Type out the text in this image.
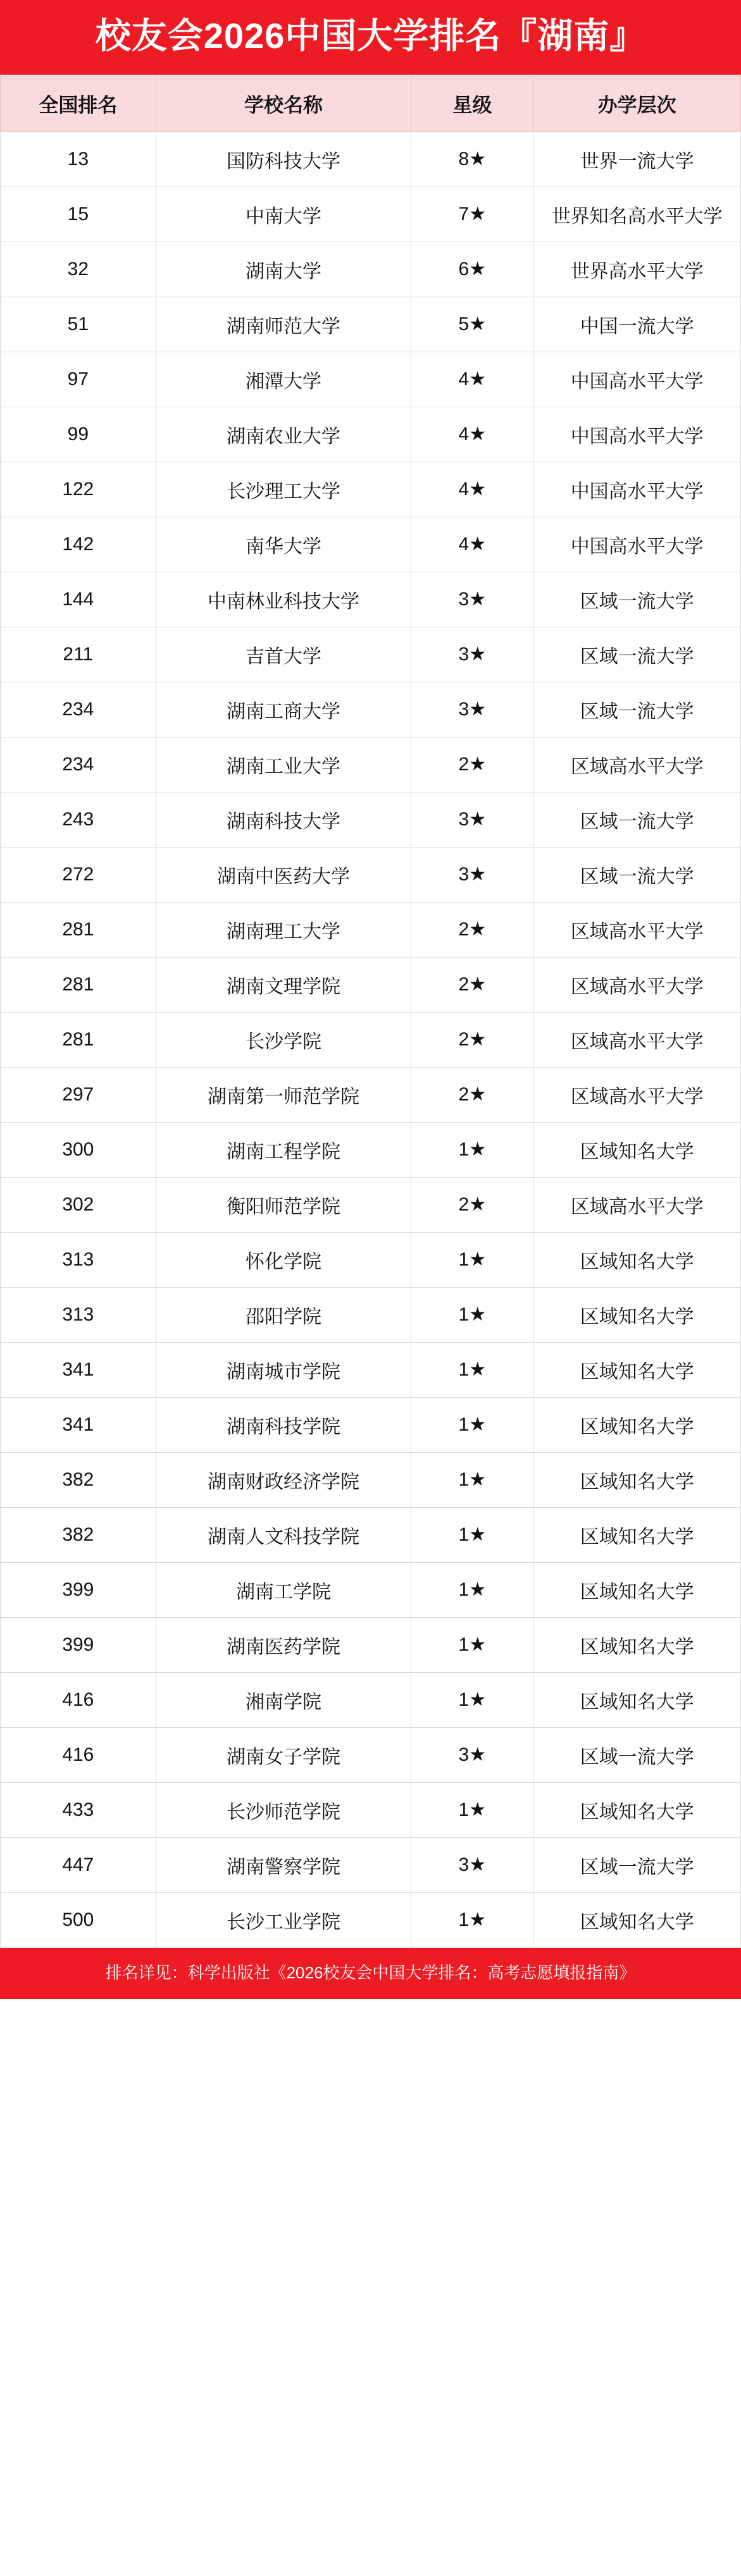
校友会2026中国大学排名『湖南』
全国排名	学校名称	星级	办学层次
13	国防科技大学	8★	世界一流大学
15	中南大学	7★	世界知名高水平大学
32	湖南大学	6★	世界高水平大学
51	湖南师范大学	5★	中国一流大学
97	湘潭大学	4★	中国高水平大学
99	湖南农业大学	4★	中国高水平大学
122	长沙理工大学	4★	中国高水平大学
142	南华大学	4★	中国高水平大学
144	中南林业科技大学	3★	区域一流大学
211	吉首大学	3★	区域一流大学
234	湖南工商大学	3★	区域一流大学
234	湖南工业大学	2★	区域高水平大学
243	湖南科技大学	3★	区域一流大学
272	湖南中医药大学	3★	区域一流大学
281	湖南理工大学	2★	区域高水平大学
281	湖南文理学院	2★	区域高水平大学
281	长沙学院	2★	区域高水平大学
297	湖南第一师范学院	2★	区域高水平大学
300	湖南工程学院	1★	区域知名大学
302	衡阳师范学院	2★	区域高水平大学
313	怀化学院	1★	区域知名大学
313	邵阳学院	1★	区域知名大学
341	湖南城市学院	1★	区域知名大学
341	湖南科技学院	1★	区域知名大学
382	湖南财政经济学院	1★	区域知名大学
382	湖南人文科技学院	1★	区域知名大学
399	湖南工学院	1★	区域知名大学
399	湖南医药学院	1★	区域知名大学
416	湘南学院	1★	区域知名大学
416	湖南女子学院	3★	区域一流大学
433	长沙师范学院	1★	区域知名大学
447	湖南警察学院	3★	区域一流大学
500	长沙工业学院	1★	区域知名大学
排名详见：科学出版社《2026校友会中国大学排名：高考志愿填报指南》
